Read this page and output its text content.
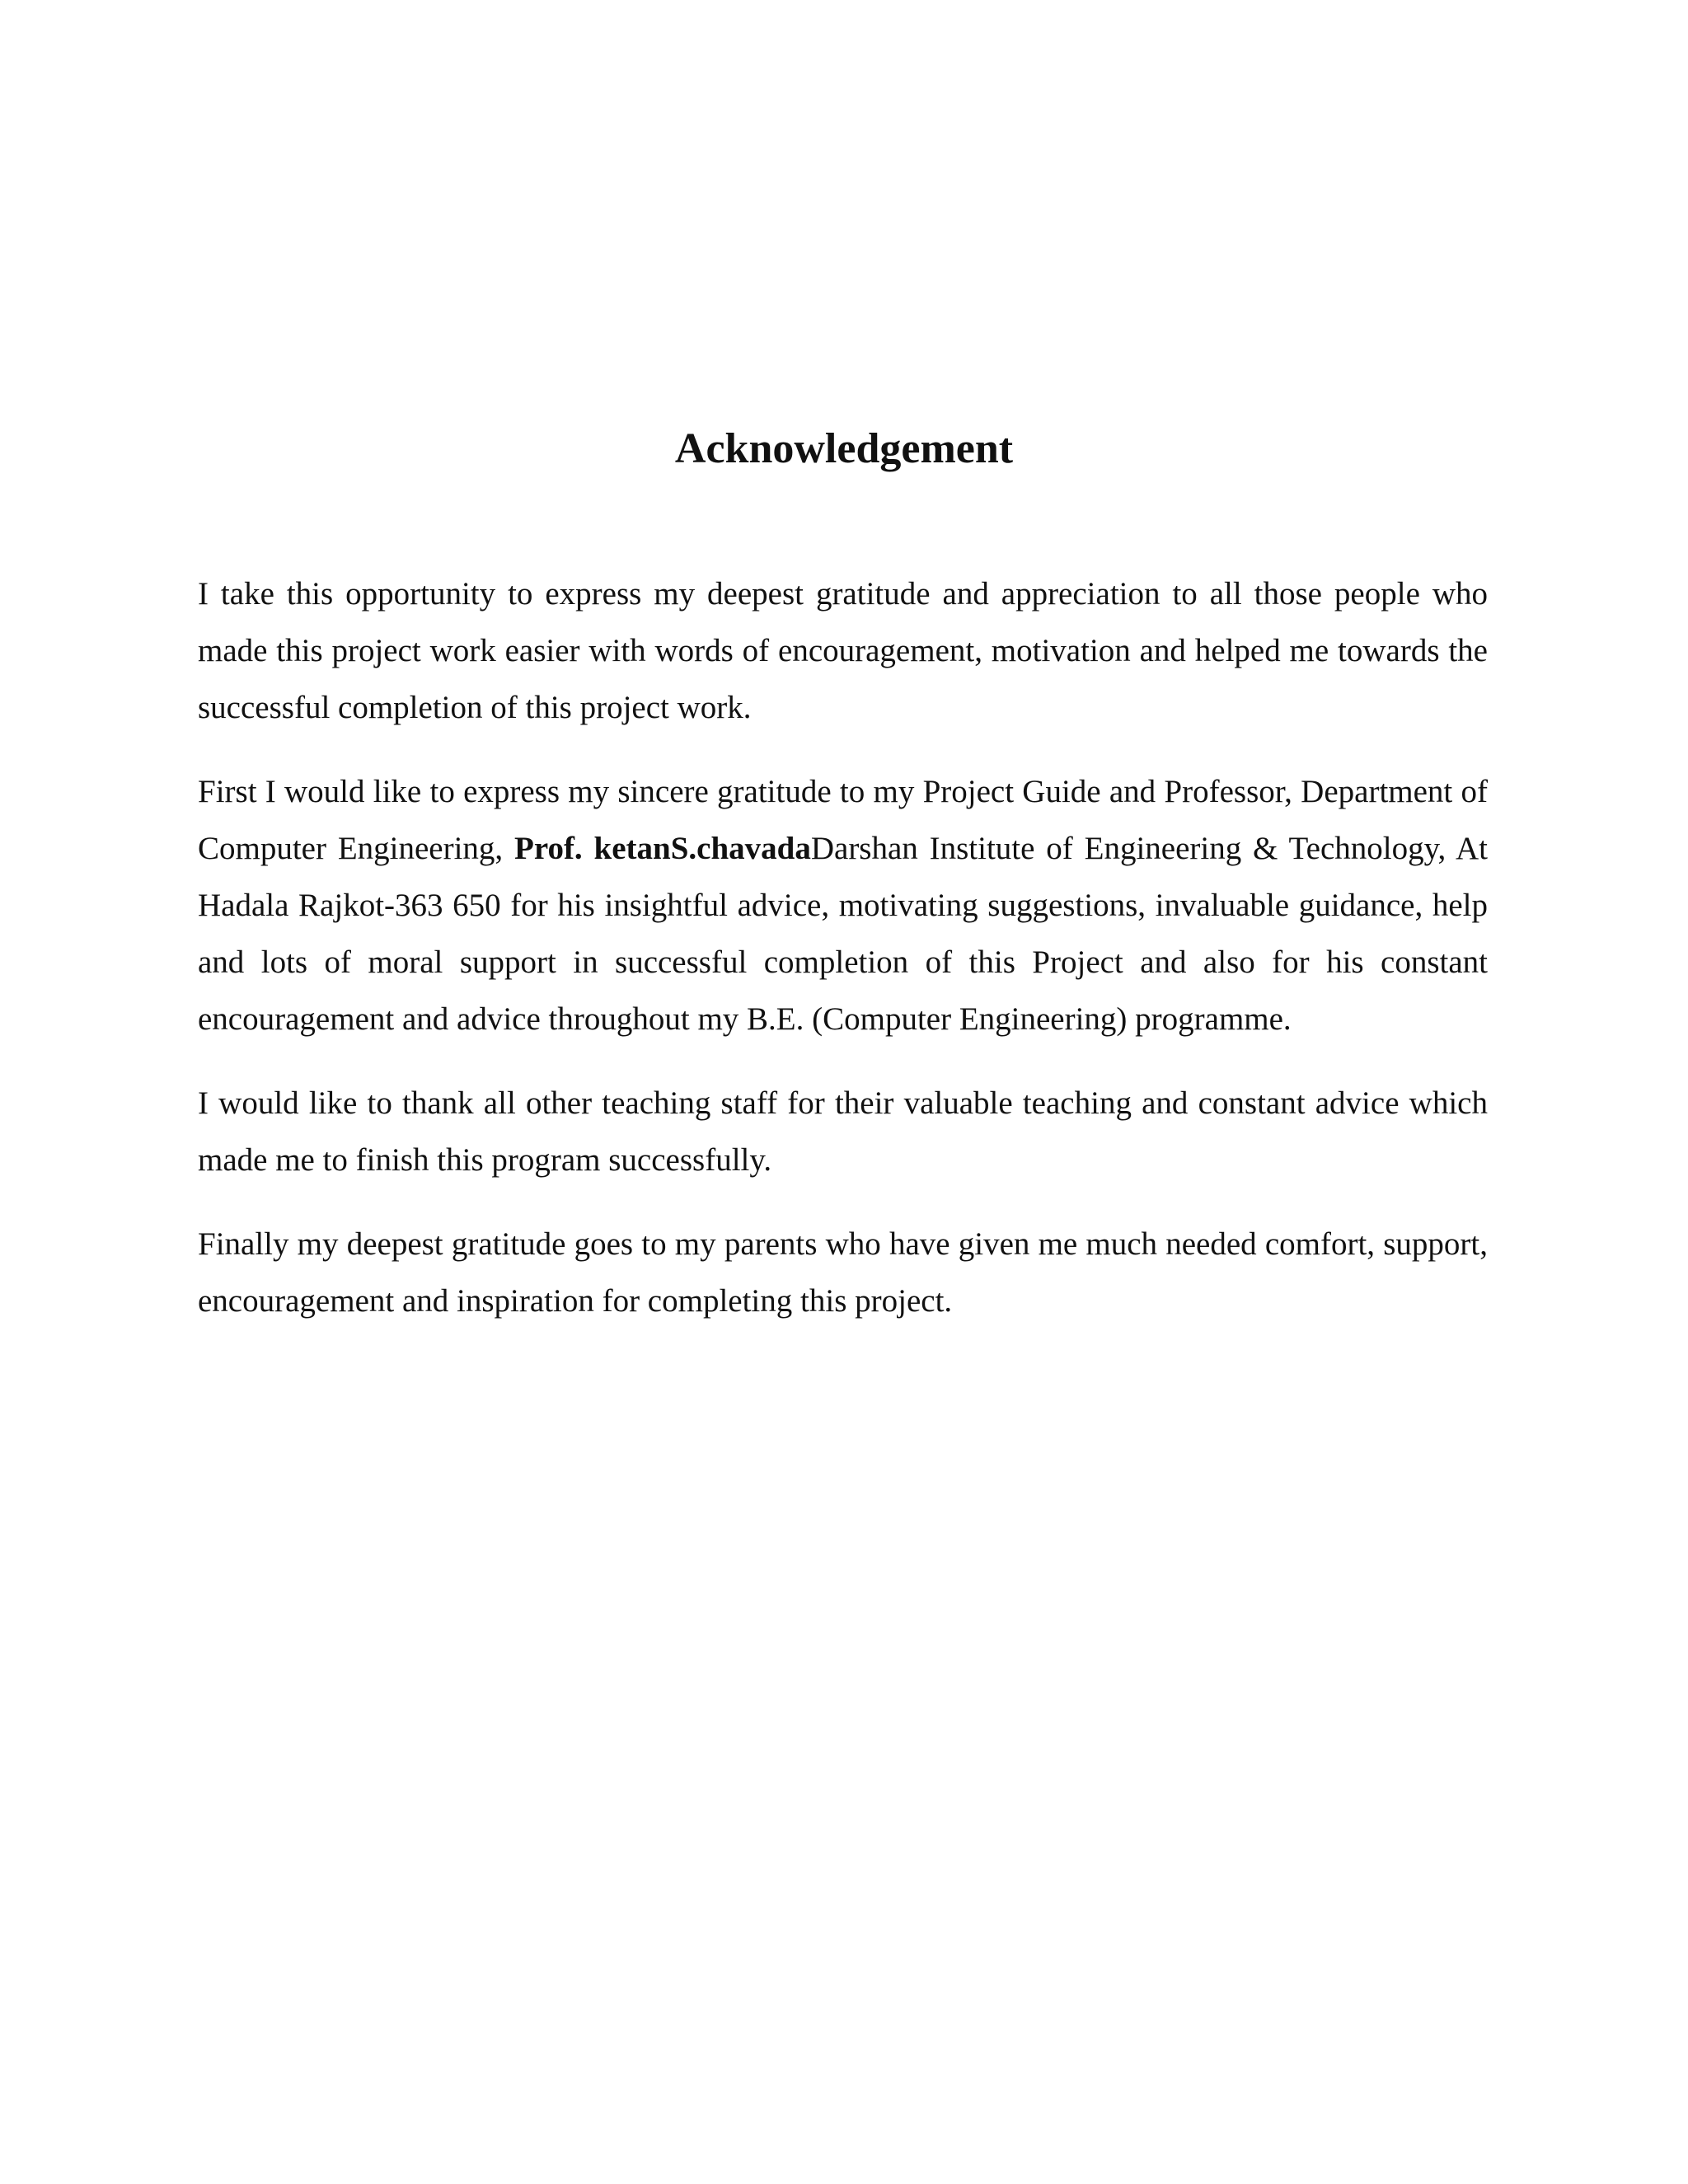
Acknowledgement

I take this opportunity to express my deepest gratitude and appreciation to all those people who made this project work easier with words of encouragement, motivation and helped me towards the successful completion of this project work.

First I would like to express my sincere gratitude to my Project Guide and Professor, Department of Computer Engineering, Prof. ketanS.chavadaDarshan Institute of Engineering & Technology, At Hadala Rajkot-363 650 for his insightful advice, motivating suggestions, invaluable guidance, help and lots of moral support in successful completion of this Project and also for his constant encouragement and advice throughout my B.E. (Computer Engineering) programme.

I would like to thank all other teaching staff for their valuable teaching and constant advice which made me to finish this program successfully.

Finally my deepest gratitude goes to my parents who have given me much needed comfort, support, encouragement and inspiration for completing this project.
